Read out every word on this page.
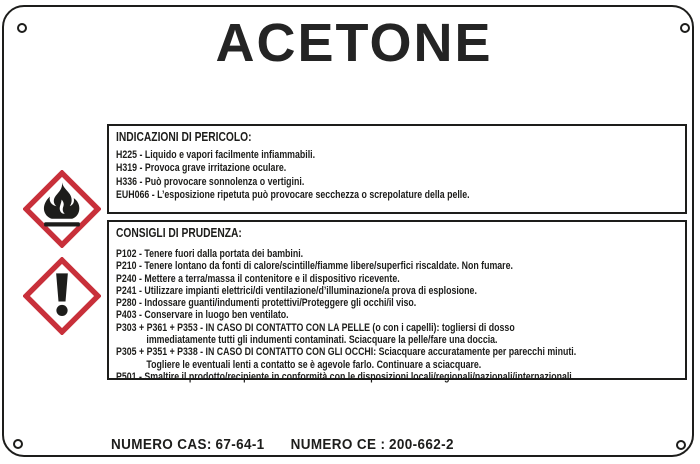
ACETONE
INDICAZIONI DI PERICOLO:
H225 - Liquido e vapori facilmente infiammabili.
H319 - Provoca grave irritazione oculare.
H336 - Può provocare sonnolenza o vertigini.
EUH066 - L’esposizione ripetuta può provocare secchezza o screpolature della pelle.
CONSIGLI DI PRUDENZA:
P102 - Tenere fuori dalla portata dei bambini.
P210 - Tenere lontano da fonti di calore/scintille/fiamme libere/superfici riscaldate. Non fumare.
P240 - Mettere a terra/massa il contenitore e il dispositivo ricevente.
P241 - Utilizzare impianti elettrici/di ventilazione/d’illuminazione/a prova di esplosione.
P280 - Indossare guanti/indumenti protettivi/Proteggere gli occhi/il viso.
P403 - Conservare in luogo ben ventilato.
P303 + P361 + P353 - IN CASO DI CONTATTO CON LA PELLE (o con i capelli): togliersi di dosso
immediatamente tutti gli indumenti contaminati. Sciacquare la pelle/fare una doccia.
P305 + P351 + P338 - IN CASO DI CONTATTO CON GLI OCCHI: Sciacquare accuratamente per parecchi minuti.
Togliere le eventuali lenti a contatto se è agevole farlo. Continuare a sciacquare.
P501 - Smaltire il prodotto/recipiente in conformità con le disposizioni locali/regionali/nazionali/internazionali.
NUMERO CAS: 67-64-1 NUMERO CE : 200-662-2
